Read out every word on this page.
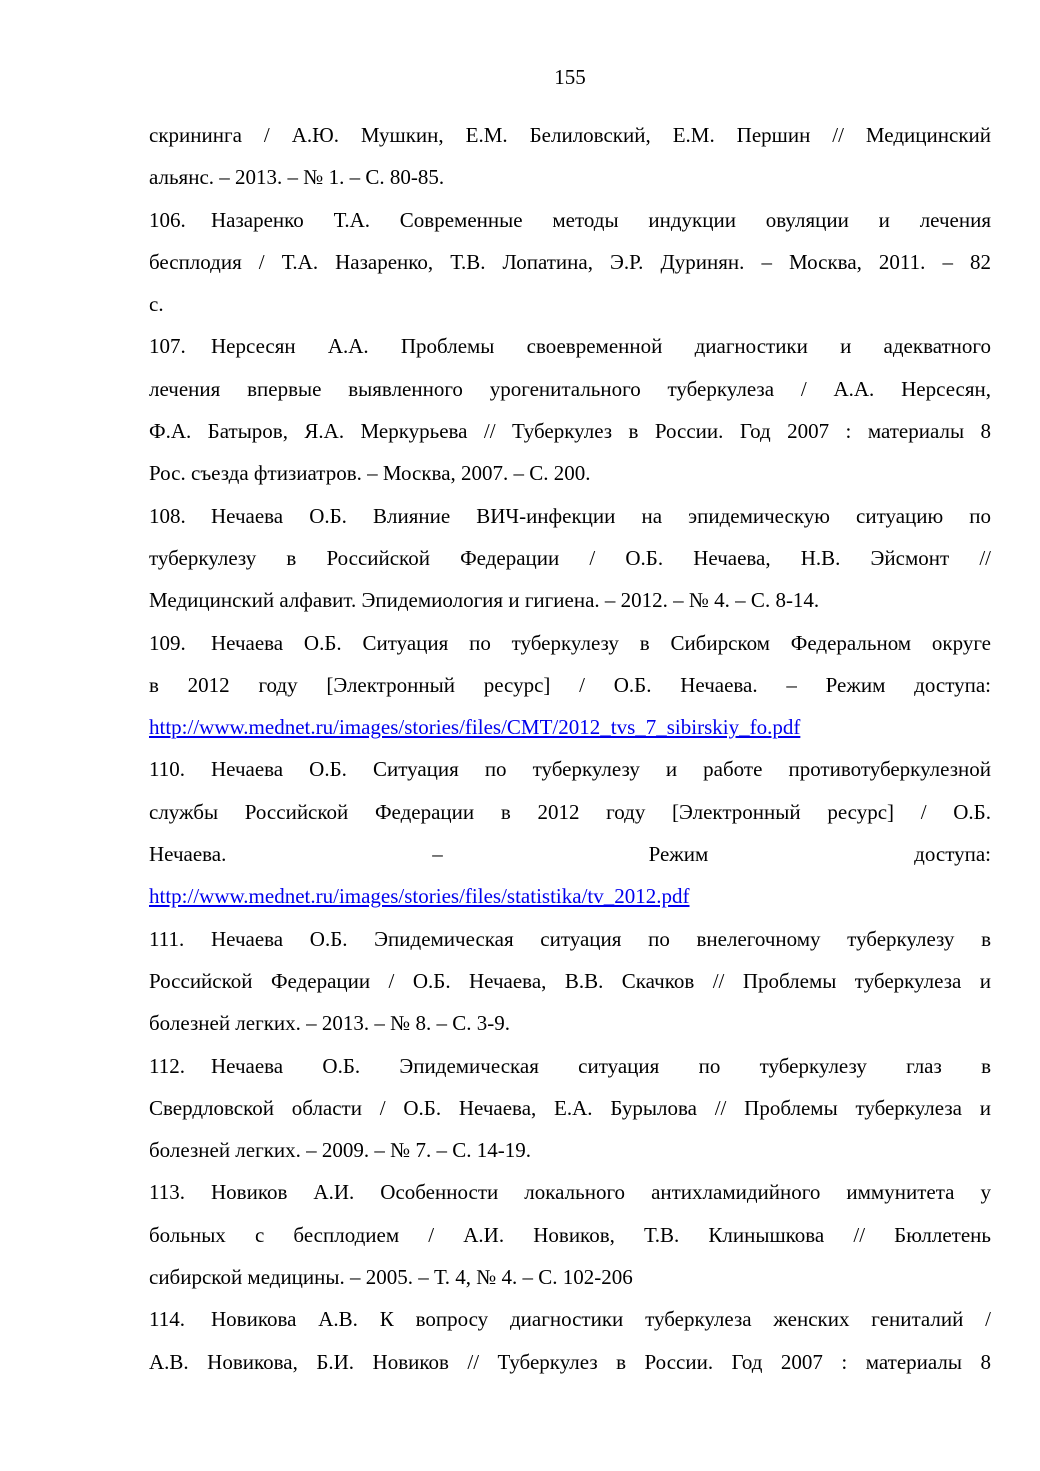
155
скрининга / А.Ю. Мушкин, Е.М. Белиловский, Е.М. Першин // Медицинский
альянс. – 2013. – № 1. – С. 80-85.
106. Назаренко Т.А. Современные методы индукции овуляции и лечения
бесплодия / Т.А. Назаренко, Т.В. Лопатина, Э.Р. Дуринян. – Москва, 2011. – 82
с.
107. Нерсесян А.А. Проблемы своевременной диагностики и адекватного
лечения впервые выявленного урогенитального туберкулеза / А.А. Нерсесян,
Ф.А. Батыров, Я.А. Меркурьева // Туберкулез в России. Год 2007 : материалы 8
Рос. съезда фтизиатров. – Москва, 2007. – С. 200.
108. Нечаева О.Б. Влияние ВИЧ-инфекции на эпидемическую ситуацию по
туберкулезу в Российской Федерации / О.Б. Нечаева, Н.В. Эйсмонт //
Медицинский алфавит. Эпидемиология и гигиена. – 2012. – № 4. – С. 8-14.
109. Нечаева О.Б. Ситуация по туберкулезу в Сибирском Федеральном округе
в 2012 году [Электронный ресурс] / О.Б. Нечаева. – Режим доступа:
http://www.mednet.ru/images/stories/files/CMT/2012_tvs_7_sibirskiy_fo.pdf
110. Нечаева О.Б. Ситуация по туберкулезу и работе противотуберкулезной
службы Российской Федерации в 2012 году [Электронный ресурс] / О.Б.
Нечаева. – Режим доступа:
http://www.mednet.ru/images/stories/files/statistika/tv_2012.pdf
111. Нечаева О.Б. Эпидемическая ситуация по внелегочному туберкулезу в
Российской Федерации / О.Б. Нечаева, В.В. Скачков // Проблемы туберкулеза и
болезней легких. – 2013. – № 8. – С. 3-9.
112. Нечаева О.Б. Эпидемическая ситуация по туберкулезу глаз в
Свердловской области / О.Б. Нечаева, Е.А. Бурылова // Проблемы туберкулеза и
болезней легких. – 2009. – № 7. – С. 14-19.
113. Новиков А.И. Особенности локального антихламидийного иммунитета у
больных с бесплодием / А.И. Новиков, Т.В. Клинышкова // Бюллетень
сибирской медицины. – 2005. – Т. 4, № 4. – С. 102-206
114. Новикова А.В. К вопросу диагностики туберкулеза женских гениталий /
А.В. Новикова, Б.И. Новиков // Туберкулез в России. Год 2007 : материалы 8
